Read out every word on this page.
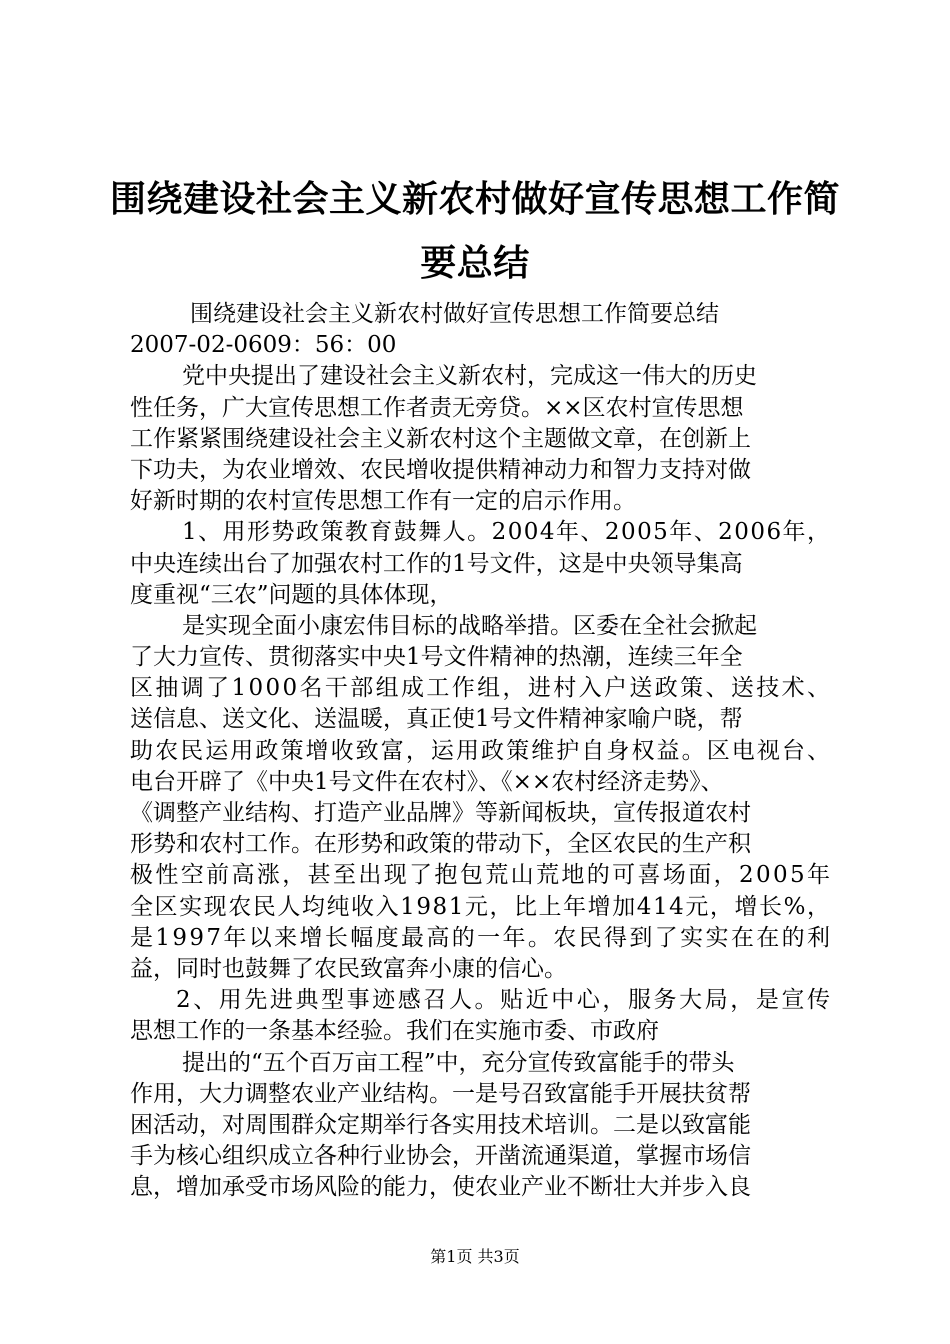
围绕建设社会主义新农村做好宣传思想工作简
要总结
围绕建设社会主义新农村做好宣传思想工作简要总结
2007-02-0609：56：00
党中央提出了建设社会主义新农村，完成这一伟大的历史
性任务，广大宣传思想工作者责无旁贷。××区农村宣传思想
工作紧紧围绕建设社会主义新农村这个主题做文章，在创新上
下功夫，为农业增效、农民增收提供精神动力和智力支持对做
好新时期的农村宣传思想工作有一定的启示作用。
1、用形势政策教育鼓舞人。2004年、2005年、2006年，
中央连续出台了加强农村工作的1号文件，这是中央领导集高
度重视“三农”问题的具体体现，
是实现全面小康宏伟目标的战略举措。区委在全社会掀起
了大力宣传、贯彻落实中央1号文件精神的热潮，连续三年全
区抽调了1000名干部组成工作组，进村入户送政策、送技术、
送信息、送文化、送温暖，真正使1号文件精神家喻户晓，帮
助农民运用政策增收致富，运用政策维护自身权益。区电视台、
电台开辟了《中央1号文件在农村》、《××农村经济走势》、
《调整产业结构、打造产业品牌》等新闻板块，宣传报道农村
形势和农村工作。在形势和政策的带动下，全区农民的生产积
极性空前高涨，甚至出现了抱包荒山荒地的可喜场面，2005年
全区实现农民人均纯收入1981元，比上年增加414元，增长%，
是1997年以来增长幅度最高的一年。农民得到了实实在在的利
益，同时也鼓舞了农民致富奔小康的信心。
2、用先进典型事迹感召人。贴近中心，服务大局，是宣传
思想工作的一条基本经验。我们在实施市委、市政府
提出的“五个百万亩工程”中，充分宣传致富能手的带头
作用，大力调整农业产业结构。一是号召致富能手开展扶贫帮
困活动，对周围群众定期举行各实用技术培训。二是以致富能
手为核心组织成立各种行业协会，开凿流通渠道，掌握市场信
息，增加承受市场风险的能力，使农业产业不断壮大并步入良
第1页 共3页
